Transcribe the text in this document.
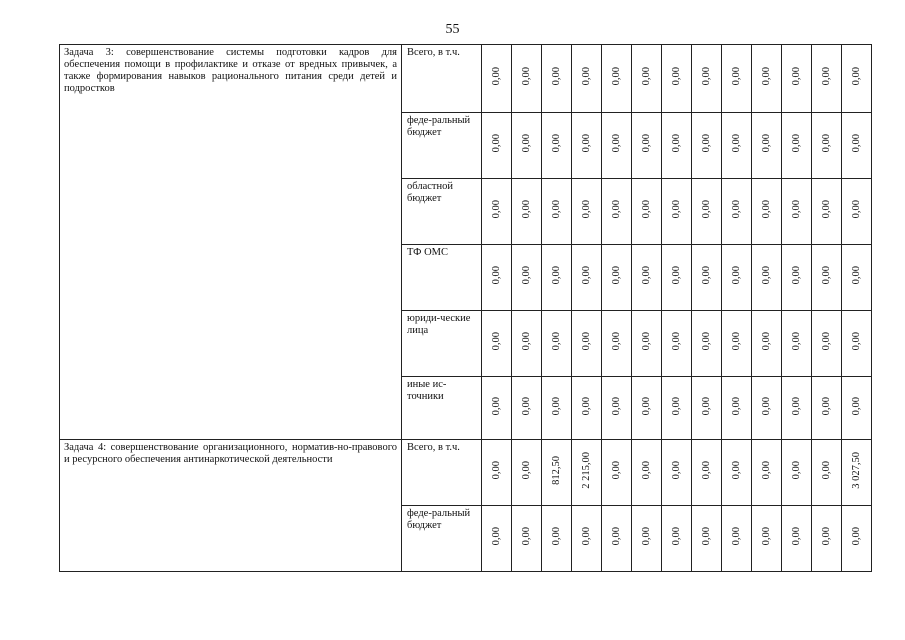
55
Задача 3: совершенствование системы подготовки кадров для обеспечения помощи в профилактике и отказе от вредных привычек, а также формирования навыков рационального питания среди детей и подростков	Всего, в т.ч.	0,00	0,00	0,00	0,00	0,00	0,00	0,00	0,00	0,00	0,00	0,00	0,00	0,00
	феде-ральный бюджет	0,00	0,00	0,00	0,00	0,00	0,00	0,00	0,00	0,00	0,00	0,00	0,00	0,00
	областной бюджет	0,00	0,00	0,00	0,00	0,00	0,00	0,00	0,00	0,00	0,00	0,00	0,00	0,00
	ТФ ОМС	0,00	0,00	0,00	0,00	0,00	0,00	0,00	0,00	0,00	0,00	0,00	0,00	0,00
	юриди-ческие лица	0,00	0,00	0,00	0,00	0,00	0,00	0,00	0,00	0,00	0,00	0,00	0,00	0,00
	иные ис-точники	0,00	0,00	0,00	0,00	0,00	0,00	0,00	0,00	0,00	0,00	0,00	0,00	0,00
Задача 4: совершенствование организационного, норматив-но-правового и ресурсного обеспечения антинаркотической деятельности	Всего, в т.ч.	0,00	0,00	812,50	2 215,00	0,00	0,00	0,00	0,00	0,00	0,00	0,00	0,00	3 027,50
	феде-ральный бюджет	0,00	0,00	0,00	0,00	0,00	0,00	0,00	0,00	0,00	0,00	0,00	0,00	0,00
